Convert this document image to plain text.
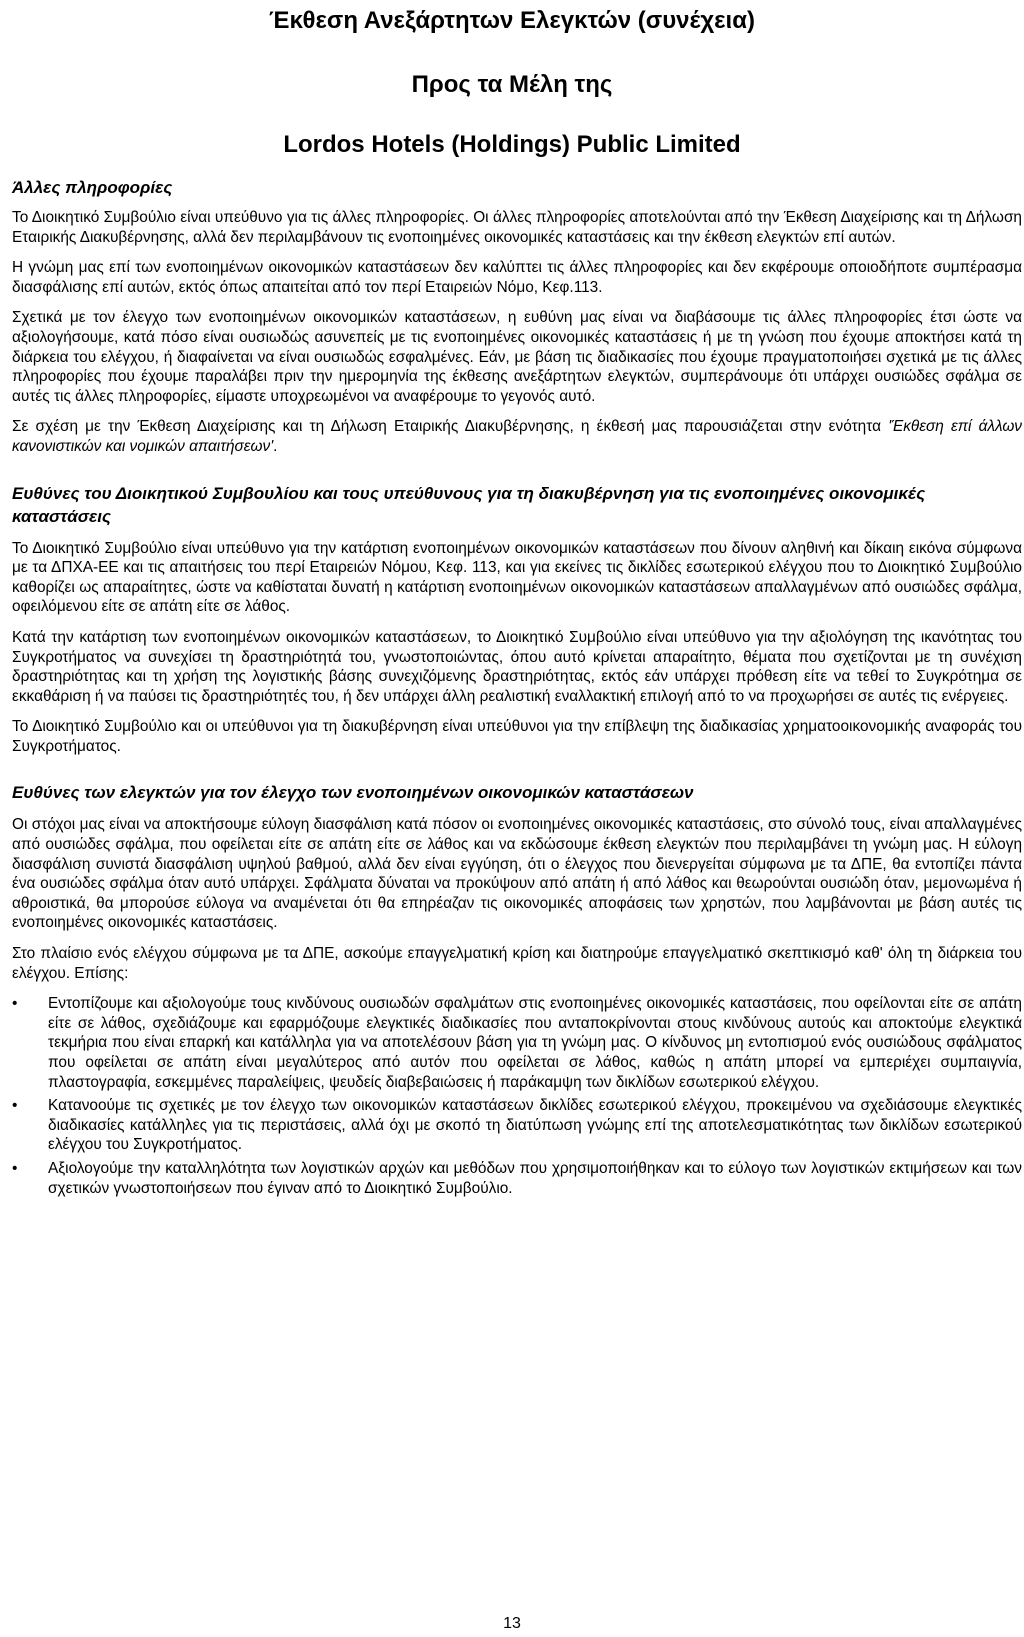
Έκθεση Ανεξάρτητων Ελεγκτών (συνέχεια)
Προς τα Μέλη της
Lordos Hotels (Holdings) Public Limited
Άλλες πληροφορίες

Το Διοικητικό Συμβούλιο είναι υπεύθυνο για τις άλλες πληροφορίες. Οι άλλες πληροφορίες αποτελούνται από την Έκθεση Διαχείρισης και τη Δήλωση Εταιρικής Διακυβέρνησης, αλλά δεν περιλαμβάνουν τις ενοποιημένες οικονομικές καταστάσεις και την έκθεση ελεγκτών επί αυτών.

Η γνώμη μας επί των ενοποιημένων οικονομικών καταστάσεων δεν καλύπτει τις άλλες πληροφορίες και δεν εκφέρουμε οποιοδήποτε συμπέρασμα διασφάλισης επί αυτών, εκτός όπως απαιτείται από τον περί Εταιρειών Νόμο, Κεφ.113.

Σχετικά με τον έλεγχο των ενοποιημένων οικονομικών καταστάσεων, η ευθύνη μας είναι να διαβάσουμε τις άλλες πληροφορίες έτσι ώστε να αξιολογήσουμε, κατά πόσο είναι ουσιωδώς ασυνεπείς με τις ενοποιημένες οικονομικές καταστάσεις ή με τη γνώση που έχουμε αποκτήσει κατά τη διάρκεια του ελέγχου, ή διαφαίνεται να είναι ουσιωδώς εσφαλμένες. Εάν, με βάση τις διαδικασίες που έχουμε πραγματοποιήσει σχετικά με τις άλλες πληροφορίες που έχουμε παραλάβει πριν την ημερομηνία της έκθεσης ανεξάρτητων ελεγκτών, συμπεράνουμε ότι υπάρχει ουσιώδες σφάλμα σε αυτές τις άλλες πληροφορίες, είμαστε υποχρεωμένοι να αναφέρουμε το γεγονός αυτό.

Σε σχέση με την Έκθεση Διαχείρισης και τη Δήλωση Εταιρικής Διακυβέρνησης, η έκθεσή μας παρουσιάζεται στην ενότητα 'Έκθεση επί άλλων κανονιστικών και νομικών απαιτήσεων'.

Ευθύνες του Διοικητικού Συμβουλίου και τους υπεύθυνους για τη διακυβέρνηση για τις ενοποιημένες οικονομικές καταστάσεις

Το Διοικητικό Συμβούλιο είναι υπεύθυνο για την κατάρτιση ενοποιημένων οικονομικών καταστάσεων που δίνουν αληθινή και δίκαιη εικόνα σύμφωνα με τα ΔΠΧΑ-ΕΕ και τις απαιτήσεις του περί Εταιρειών Νόμου, Κεφ. 113, και για εκείνες τις δικλίδες εσωτερικού ελέγχου που το Διοικητικό Συμβούλιο καθορίζει ως απαραίτητες, ώστε να καθίσταται δυνατή η κατάρτιση ενοποιημένων οικονομικών καταστάσεων απαλλαγμένων από ουσιώδες σφάλμα, οφειλόμενου είτε σε απάτη είτε σε λάθος.

Κατά την κατάρτιση των ενοποιημένων οικονομικών καταστάσεων, το Διοικητικό Συμβούλιο είναι υπεύθυνο για την αξιολόγηση της ικανότητας του Συγκροτήματος να συνεχίσει τη δραστηριότητά του, γνωστοποιώντας, όπου αυτό κρίνεται απαραίτητο, θέματα που σχετίζονται με τη συνέχιση δραστηριότητας και τη χρήση της λογιστικής βάσης συνεχιζόμενης δραστηριότητας, εκτός εάν υπάρχει πρόθεση είτε να τεθεί το Συγκρότημα σε εκκαθάριση ή να παύσει τις δραστηριότητές του, ή δεν υπάρχει άλλη ρεαλιστική εναλλακτική επιλογή από το να προχωρήσει σε αυτές τις ενέργειες.

Το Διοικητικό Συμβούλιο και οι υπεύθυνοι για τη διακυβέρνηση είναι υπεύθυνοι για την επίβλεψη της διαδικασίας χρηματοοικονομικής αναφοράς του Συγκροτήματος.

Ευθύνες των ελεγκτών για τον έλεγχο των ενοποιημένων οικονομικών καταστάσεων

Οι στόχοι μας είναι να αποκτήσουμε εύλογη διασφάλιση κατά πόσον οι ενοποιημένες οικονομικές καταστάσεις, στο σύνολό τους, είναι απαλλαγμένες από ουσιώδες σφάλμα, που οφείλεται είτε σε απάτη είτε σε λάθος και να εκδώσουμε έκθεση ελεγκτών που περιλαμβάνει τη γνώμη μας. Η εύλογη διασφάλιση συνιστά διασφάλιση υψηλού βαθμού, αλλά δεν είναι εγγύηση, ότι ο έλεγχος που διενεργείται σύμφωνα με τα ΔΠΕ, θα εντοπίζει πάντα ένα ουσιώδες σφάλμα όταν αυτό υπάρχει. Σφάλματα δύναται να προκύψουν από απάτη ή από λάθος και θεωρούνται ουσιώδη όταν, μεμονωμένα ή αθροιστικά, θα μπορούσε εύλογα να αναμένεται ότι θα επηρέαζαν τις οικονομικές αποφάσεις των χρηστών, που λαμβάνονται με βάση αυτές τις ενοποιημένες οικονομικές καταστάσεις.

Στο πλαίσιο ενός ελέγχου σύμφωνα με τα ΔΠΕ, ασκούμε επαγγελματική κρίση και διατηρούμε επαγγελματικό σκεπτικισμό καθ' όλη τη διάρκεια του ελέγχου. Επίσης:

• Εντοπίζουμε και αξιολογούμε τους κινδύνους ουσιωδών σφαλμάτων στις ενοποιημένες οικονομικές καταστάσεις, που οφείλονται είτε σε απάτη είτε σε λάθος, σχεδιάζουμε και εφαρμόζουμε ελεγκτικές διαδικασίες που ανταποκρίνονται στους κινδύνους αυτούς και αποκτούμε ελεγκτικά τεκμήρια που είναι επαρκή και κατάλληλα για να αποτελέσουν βάση για τη γνώμη μας. Ο κίνδυνος μη εντοπισμού ενός ουσιώδους σφάλματος που οφείλεται σε απάτη είναι μεγαλύτερος από αυτόν που οφείλεται σε λάθος, καθώς η απάτη μπορεί να εμπεριέχει συμπαιγνία, πλαστογραφία, εσκεμμένες παραλείψεις, ψευδείς διαβεβαιώσεις ή παράκαμψη των δικλίδων εσωτερικού ελέγχου.
• Κατανοούμε τις σχετικές με τον έλεγχο των οικονομικών καταστάσεων δικλίδες εσωτερικού ελέγχου, προκειμένου να σχεδιάσουμε ελεγκτικές διαδικασίες κατάλληλες για τις περιστάσεις, αλλά όχι με σκοπό τη διατύπωση γνώμης επί της αποτελεσματικότητας των δικλίδων εσωτερικού ελέγχου του Συγκροτήματος.
• Αξιολογούμε την καταλληλότητα των λογιστικών αρχών και μεθόδων που χρησιμοποιήθηκαν και το εύλογο των λογιστικών εκτιμήσεων και των σχετικών γνωστοποιήσεων που έγιναν από το Διοικητικό Συμβούλιο.
13
